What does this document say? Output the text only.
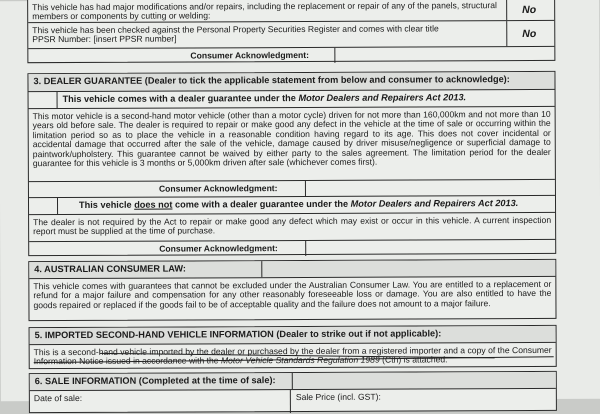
This vehicle has had major modifications and/or repairs, including the replacement or repair of any of the panels, structural members or components by cutting or welding:
No
This vehicle has been checked against the Personal Property Securities Register and comes with clear title
PPSR Number: [insert PPSR number]	No
Consumer Acknowledgment:
3. DEALER GUARANTEE (Dealer to tick the applicable statement from below and consumer to acknowledge):
This vehicle comes with a dealer guarantee under the Motor Dealers and Repairers Act 2013.
This motor vehicle is a second-hand motor vehicle (other than a motor cycle) driven for not more than 160,000km and not more than 10 years old before sale. The dealer is required to repair or make good any defect in the vehicle at the time of sale or occurring within the limitation period so as to place the vehicle in a reasonable condition having regard to its age. This does not cover incidental or accidental damage that occurred after the sale of the vehicle, damage caused by driver misuse/negligence or superficial damage to paintwork/upholstery. This guarantee cannot be waived by either party to the sales agreement. The limitation period for the dealer guarantee for this vehicle is 3 months or 5,000km driven after sale (whichever comes first).
Consumer Acknowledgment:
This vehicle does not come with a dealer guarantee under the Motor Dealers and Repairers Act 2013.
The dealer is not required by the Act to repair or make good any defect which may exist or occur in this vehicle. A current inspection report must be supplied at the time of purchase.
Consumer Acknowledgment:
4. AUSTRALIAN CONSUMER LAW:
This vehicle comes with guarantees that cannot be excluded under the Australian Consumer Law. You are entitled to a replacement or refund for a major failure and compensation for any other reasonably foreseeable loss or damage. You are also entitled to have the goods repaired or replaced if the goods fail to be of acceptable quality and the failure does not amount to a major failure.
5. IMPORTED SECOND-HAND VEHICLE INFORMATION (Dealer to strike out if not applicable):
This is a second-hand vehicle imported by the dealer or purchased by the dealer from a registered importer and a copy of the Consumer Information Notice issued in accordance with the Motor Vehicle Standards Regulation 1989 (Cth) is attached.
6. SALE INFORMATION (Completed at the time of sale):
Date of sale:	Sale Price (incl. GST):
